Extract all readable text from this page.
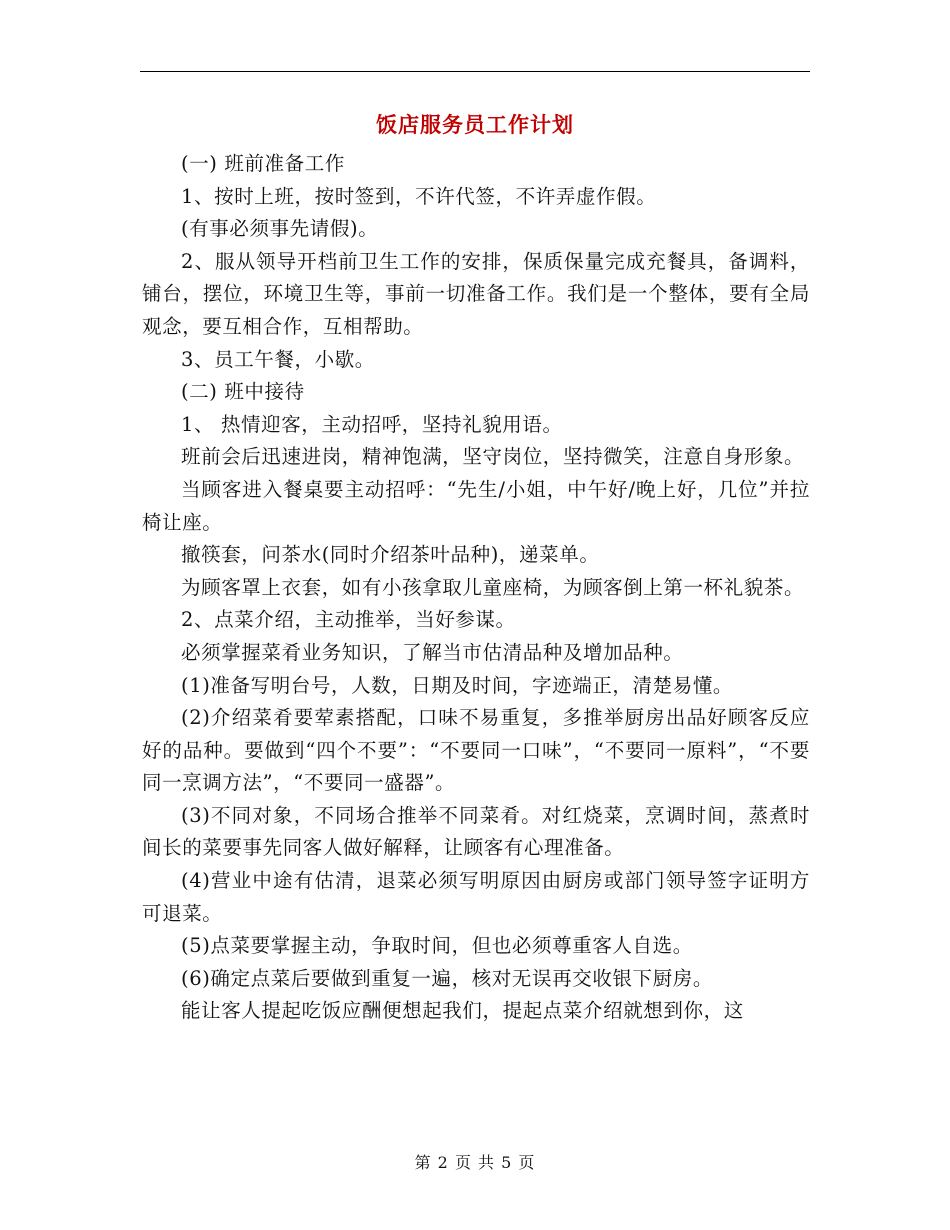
饭店服务员工作计划

(一) 班前准备工作

1、按时上班，按时签到，不许代签，不许弄虚作假。

(有事必须事先请假)。

2、服从领导开档前卫生工作的安排，保质保量完成充餐具，备调料，铺台，摆位，环境卫生等，事前一切准备工作。我们是一个整体，要有全局观念，要互相合作，互相帮助。

3、员工午餐，小歇。

(二) 班中接待

1、 热情迎客，主动招呼，坚持礼貌用语。

班前会后迅速进岗，精神饱满，坚守岗位，坚持微笑，注意自身形象。

当顾客进入餐桌要主动招呼：“先生/小姐，中午好/晚上好，几位”并拉椅让座。

撤筷套，问茶水(同时介绍茶叶品种)，递菜单。

为顾客罩上衣套，如有小孩拿取儿童座椅，为顾客倒上第一杯礼貌茶。

2、点菜介绍，主动推举，当好参谋。

必须掌握菜肴业务知识，了解当市估清品种及增加品种。

(1)准备写明台号，人数，日期及时间，字迹端正，清楚易懂。

(2)介绍菜肴要荤素搭配，口味不易重复，多推举厨房出品好顾客反应好的品种。要做到“四个不要”：“不要同一口味”，“不要同一原料”，“不要同一烹调方法”，“不要同一盛器”。

(3)不同对象，不同场合推举不同菜肴。对红烧菜，烹调时间，蒸煮时间长的菜要事先同客人做好解释，让顾客有心理准备。

(4)营业中途有估清，退菜必须写明原因由厨房或部门领导签字证明方可退菜。

(5)点菜要掌握主动，争取时间，但也必须尊重客人自选。

(6)确定点菜后要做到重复一遍，核对无误再交收银下厨房。

能让客人提起吃饭应酬便想起我们，提起点菜介绍就想到你，这

第 2 页 共 5 页
